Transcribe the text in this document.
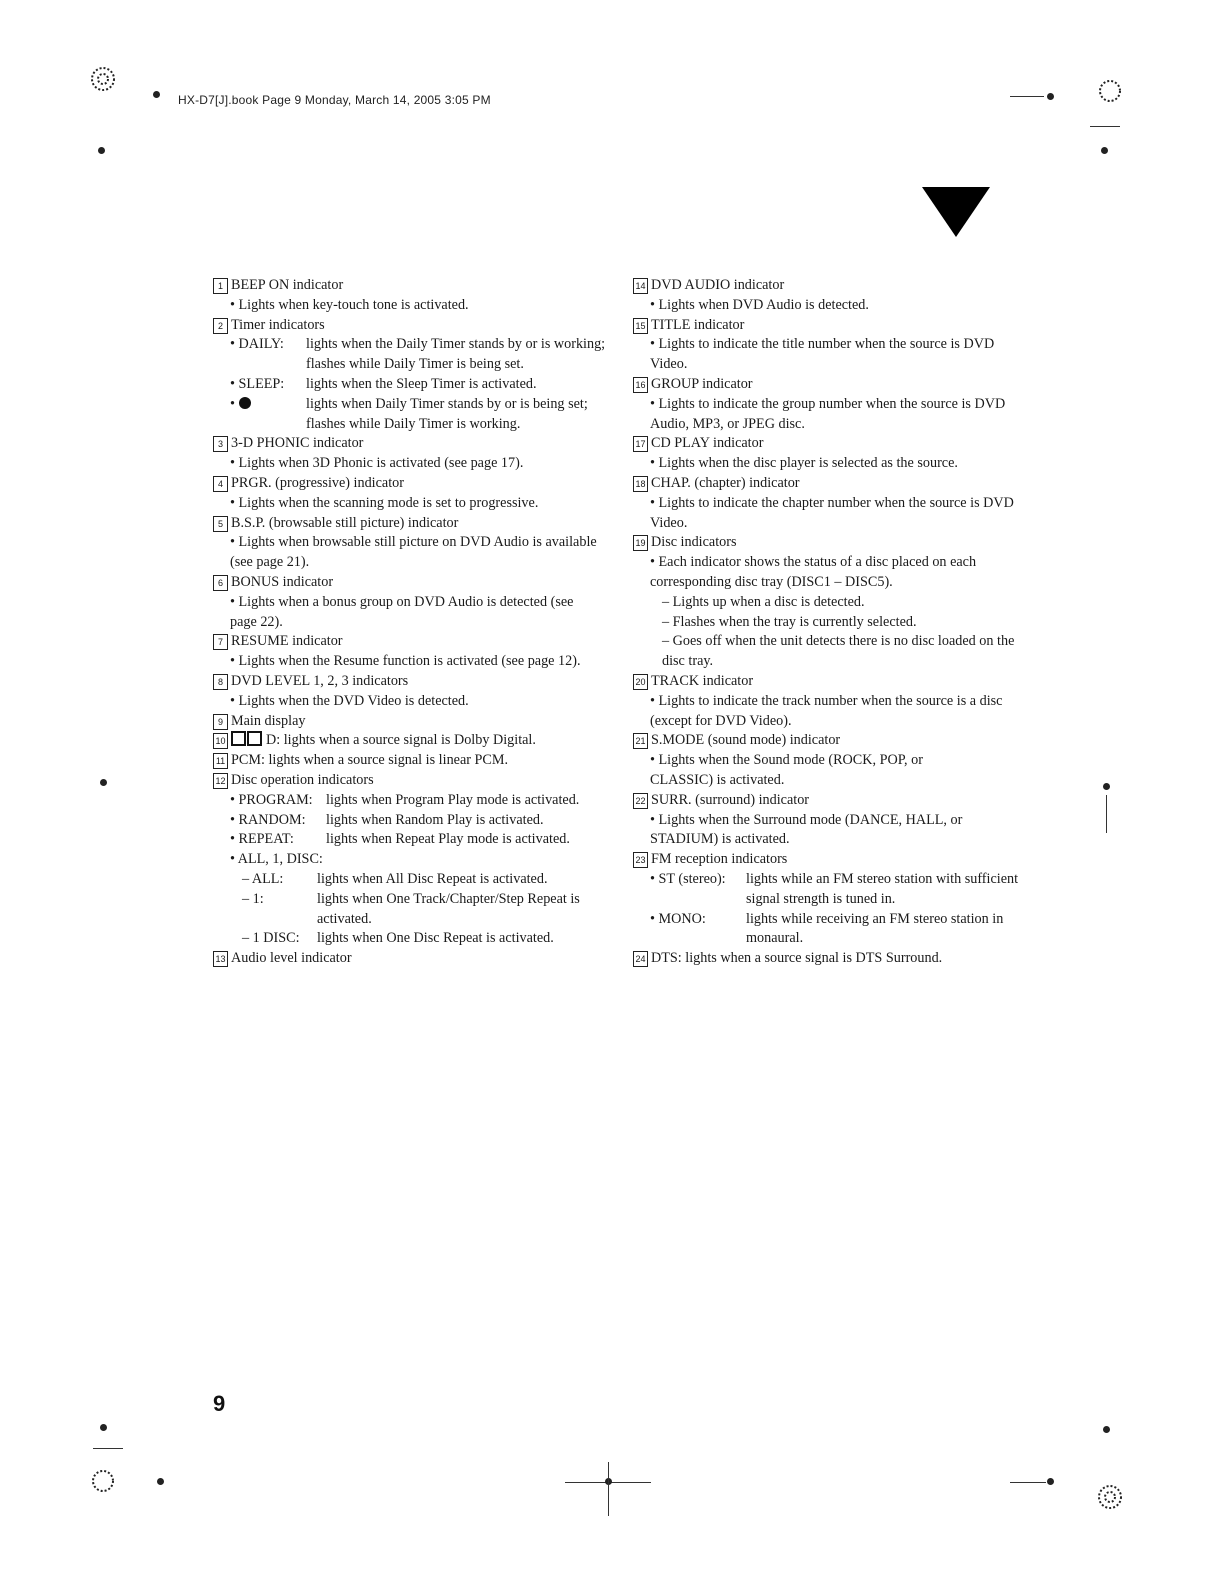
HX-D7[J].book Page 9 Monday, March 14, 2005 3:05 PM
1 BEEP ON indicator
• Lights when key-touch tone is activated.
2 Timer indicators
• DAILY:	lights when the Daily Timer stands by or is working; flashes while Daily Timer is being set.
• SLEEP:	lights when the Sleep Timer is activated.
•	lights when Daily Timer stands by or is being set; flashes while Daily Timer is working.
3 3-D PHONIC indicator
• Lights when 3D Phonic is activated (see page 17).
4 PRGR. (progressive) indicator
• Lights when the scanning mode is set to progressive.
5 B.S.P. (browsable still picture) indicator
• Lights when browsable still picture on DVD Audio is available (see page 21).
6 BONUS indicator
• Lights when a bonus group on DVD Audio is detected (see page 22).
7 RESUME indicator
• Lights when the Resume function is activated (see page 12).
8 DVD LEVEL 1, 2, 3 indicators
• Lights when the DVD Video is detected.
9 Main display
10	D: lights when a source signal is Dolby Digital.
11 PCM: lights when a source signal is linear PCM.
12 Disc operation indicators
• PROGRAM: lights when Program Play mode is activated.
• RANDOM:	lights when Random Play is activated.
• REPEAT:	lights when Repeat Play mode is activated.
• ALL, 1, DISC:
– ALL:	lights when All Disc Repeat is activated.
– 1:	lights when One Track/Chapter/Step Repeat is activated.
– 1 DISC:	lights when One Disc Repeat is activated.
13 Audio level indicator
14 DVD AUDIO indicator
• Lights when DVD Audio is detected.
15 TITLE indicator
• Lights to indicate the title number when the source is DVD Video.
16 GROUP indicator
• Lights to indicate the group number when the source is DVD Audio, MP3, or JPEG disc.
17 CD PLAY indicator
• Lights when the disc player is selected as the source.
18 CHAP. (chapter) indicator
• Lights to indicate the chapter number when the source is DVD Video.
19 Disc indicators
• Each indicator shows the status of a disc placed on each corresponding disc tray (DISC1 – DISC5).
– Lights up when a disc is detected.
– Flashes when the tray is currently selected.
– Goes off when the unit detects there is no disc loaded on the disc tray.
20 TRACK indicator
• Lights to indicate the track number when the source is a disc (except for DVD Video).
21 S.MODE (sound mode) indicator
• Lights when the Sound mode (ROCK, POP, or CLASSIC) is activated.
22 SURR. (surround) indicator
• Lights when the Surround mode (DANCE, HALL, or STADIUM) is activated.
23 FM reception indicators
• ST (stereo):	lights while an FM stereo station with sufficient signal strength is tuned in.
• MONO:	lights while receiving an FM stereo station in monaural.
24 DTS: lights when a source signal is DTS Surround.
9
